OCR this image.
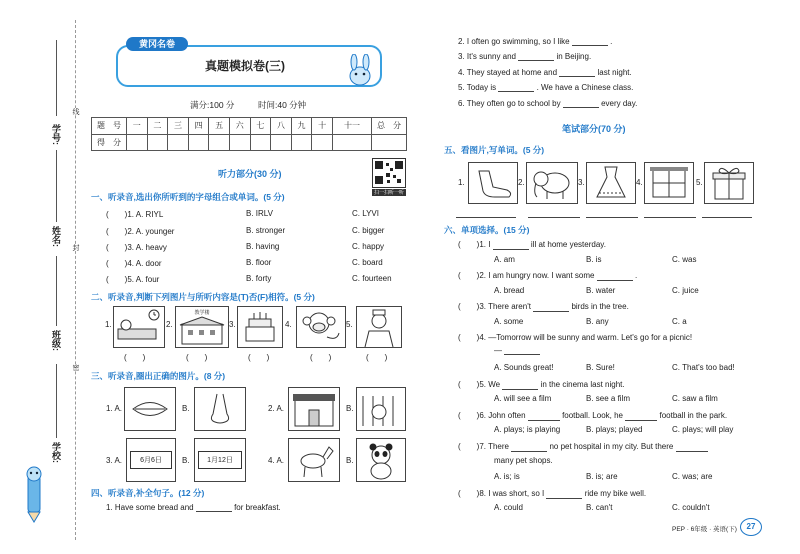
学号:
姓名:
班级:
学校:
线
封
密
黄冈名卷
真题模拟卷(三)
满分:100 分	时间:40 分钟
题　号	一	二	三	四	五	六	七	八	九	十	十一	总　分
得　分												
听力部分(30 分)
扫一扫听一听
一、听录音,选出你所听到的字母组合或单词。(5 分)
(　　)1. A. RIYL	B. IRLV	C. LYVI
(　　)2. A. younger	B. stronger	C. bigger
(　　)3. A. heavy	B. having	C. happy
(　　)4. A. door	B. floor	C. board
(　　)5. A. four	B. forty	C. fourteen
二、听录音,判断下列图片与所听内容是(T)否(F)相符。(5 分)
1.	2.
教学楼
3.	4.	5.
(　　)	(　　)	(　　)	(　　)	(　　)
三、听录音,圈出正确的图片。(8 分)
1. A.	B.	2. A.	B.
3. A.	6月6日	B.	1月12日	4. A.	B.
四、听录音,补全句子。(12 分)
1. Have some bread and	for breakfast.
2. I often go swimming, so I like	.
3. It's sunny and	in Beijing.
4. They stayed at home and	last night.
5. Today is	. We have a Chinese class.
6. They often go to school by	every day.
笔试部分(70 分)
五、看图片,写单词。(5 分)
1.	2.	3.	4.	5.
六、单项选择。(15 分)
(　　)1. I	ill at home yesterday.
A. am	B. is	C. was
(　　)2. I am hungry now. I want some	.
A. bread	B. water	C. juice
(　　)3. There aren't	birds in the tree.
A. some	B. any	C. a
(　　)4. —Tomorrow will be sunny and warm. Let's go for a picnic!
—
A. Sounds great!	B. Sure!	C. That's too bad!
(　　)5. We	in the cinema last night.
A. will see a film	B. see a film	C. saw a film
(　　)6. John often	football. Look, he	football in the park.
A. plays; is playing	B. plays; played	C. plays; will play
(　　)7. There	no pet hospital in my city. But there
many pet shops.
A. is; is	B. is; are	C. was; are
(　　)8. I was short, so I	ride my bike well.
A. could	B. can't	C. couldn't
PEP · 6年级 · 英语(下)	27
